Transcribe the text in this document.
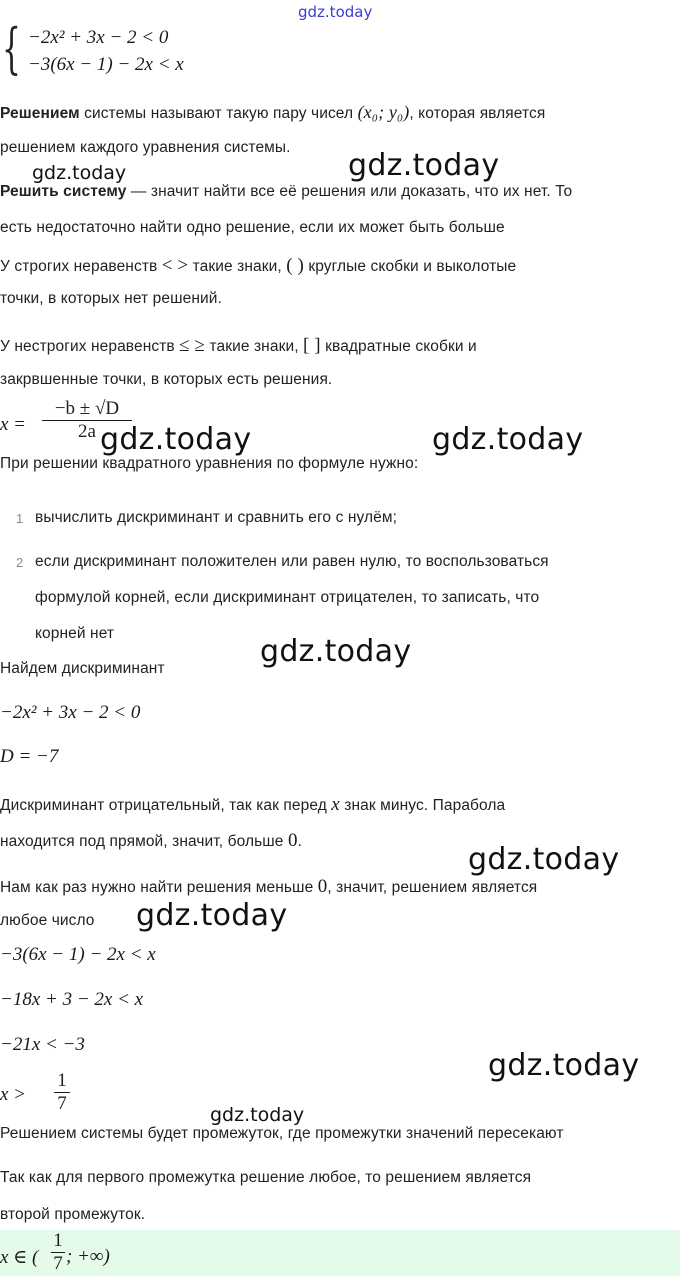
gdz.today
{ −2x² + 3x − 2 < 0
−3(6x − 1) − 2x < x
Решением системы называют такую пару чисел (x₀; y₀), которая является
решением каждого уравнения системы.
gdz.today	gdz.today
Решить систему — значит найти все её решения или доказать, что их нет. То
есть недостаточно найти одно решение, если их может быть больше
У строгих неравенств < > такие знаки, ( ) круглые скобки и выколотые
точки, в которых нет решений.
У нестрогих неравенств ≤ ≥ такие знаки, [ ] квадратные скобки и
закрвшенные точки, в которых есть решения.
x =
−b ± √D
2a gdz.today	gdz.today
При решении квадратного уравнения по формуле нужно:
1 вычислить дискриминант и сравнить его с нулём;
2 если дискриминант положителен или равен нулю, то воспользоваться
формулой корней, если дискриминант отрицателен, то записать, что
корней нет
gdz.today
Найдем дискриминант
−2x² + 3x − 2 < 0
D = −7
Дискриминант отрицательный, так как перед x знак минус. Парабола
находится под прямой, значит, больше 0.
gdz.today
Нам как раз нужно найти решения меньше 0, значит, решением является
любое число gdz.today
−3(6x − 1) − 2x < x
−18x + 3 − 2x < x
−21x < −3
gdz.today
x >
1
7
gdz.today
Решением системы будет промежуток, где промежутки значений пересекают
Так как для первого промежутка решение любое, то решением является
второй промежуток.
x ∈ (
1
7 ; +∞)
